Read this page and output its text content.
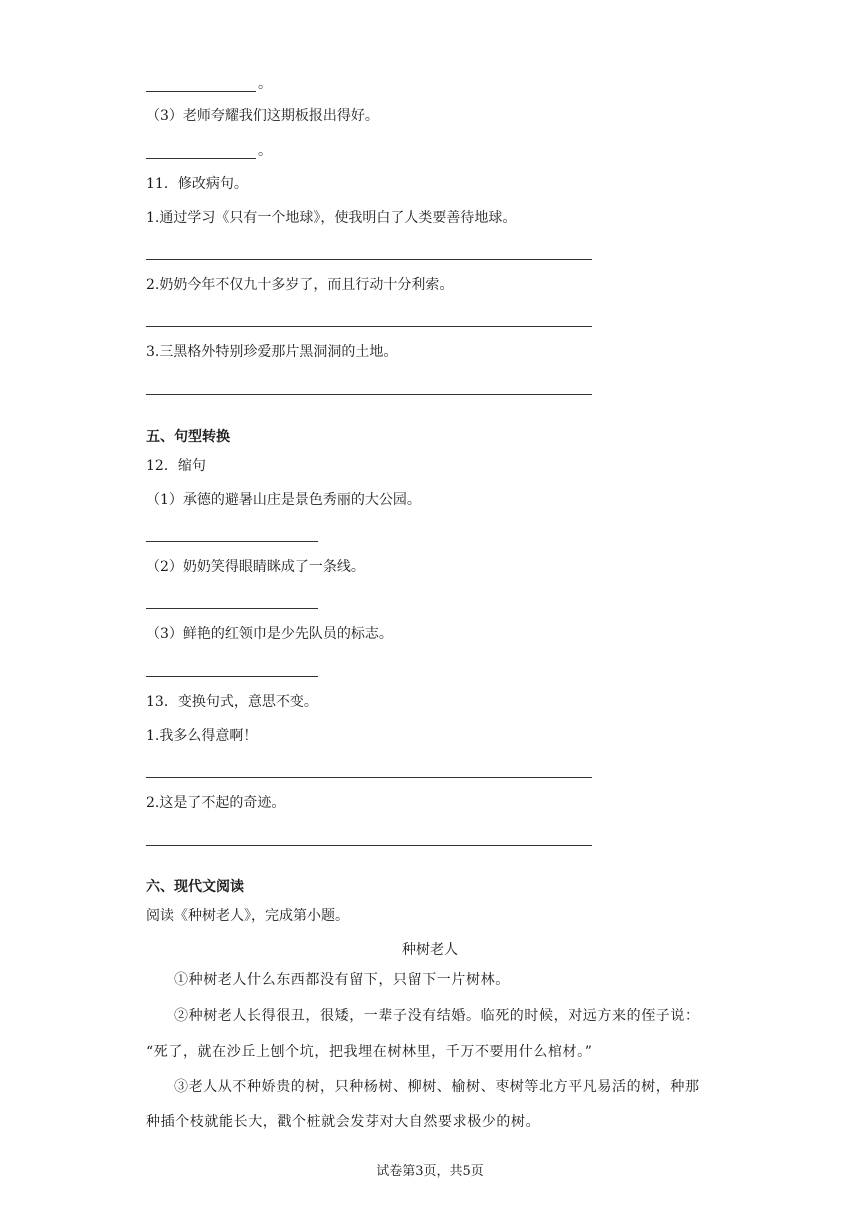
。
（3）老师夸耀我们这期板报出得好。
。
11．修改病句。
1.通过学习《只有一个地球》，使我明白了人类要善待地球。
2.奶奶今年不仅九十多岁了，而且行动十分利索。
3.三黑格外特别珍爱那片黑洞洞的土地。
五、句型转换
12．缩句
（1）承德的避暑山庄是景色秀丽的大公园。
（2）奶奶笑得眼睛眯成了一条线。
（3）鲜艳的红领巾是少先队员的标志。
13．变换句式，意思不变。
1.我多么得意啊！
2.这是了不起的奇迹。
六、现代文阅读
阅读《种树老人》，完成第小题。
种树老人
①种树老人什么东西都没有留下，只留下一片树林。
②种树老人长得很丑，很矮，一辈子没有结婚。临死的时候，对远方来的侄子说：
“死了，就在沙丘上刨个坑，把我埋在树林里，千万不要用什么棺材。”
③老人从不种娇贵的树，只种杨树、柳树、榆树、枣树等北方平凡易活的树，种那
种插个枝就能长大，戳个桩就会发芽对大自然要求极少的树。
试卷第3页，共5页
